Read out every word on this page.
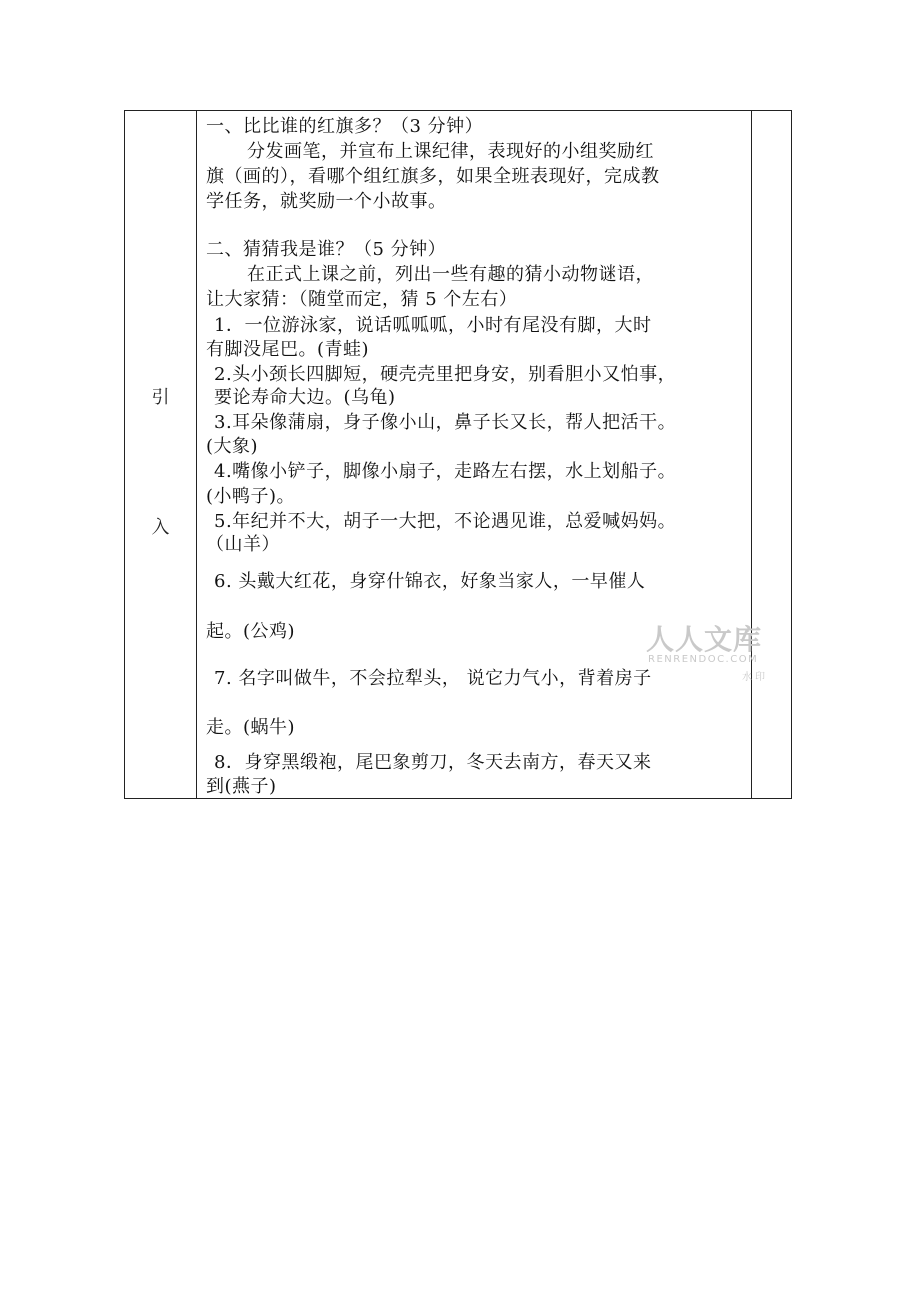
引
入
一、比比谁的红旗多？（3 分钟）
分发画笔，并宣布上课纪律，表现好的小组奖励红
旗（画的），看哪个组红旗多，如果全班表现好，完成教
学任务，就奖励一个小故事。
二、猜猜我是谁？（5 分钟）
在正式上课之前，列出一些有趣的猜小动物谜语，
让大家猜：（随堂而定，猜 5 个左右）
1．一位游泳家，说话呱呱呱，小时有尾没有脚，大时
有脚没尾巴。(青蛙)
2.头小颈长四脚短，硬壳壳里把身安，别看胆小又怕事，
要论寿命大边。(乌龟)
3.耳朵像蒲扇，身子像小山，鼻子长又长，帮人把活干。
(大象)
4.嘴像小铲子，脚像小扇子，走路左右摆，水上划船子。
(小鸭子)。
5.年纪并不大，胡子一大把，不论遇见谁，总爱喊妈妈。
（山羊）
6. 头戴大红花，身穿什锦衣，好象当家人，一早催人
起。(公鸡)
7. 名字叫做牛，不会拉犁头， 说它力气小，背着房子
走。(蜗牛)
8．身穿黑缎袍，尾巴象剪刀，冬天去南方，春天又来
到(燕子)
人人文库
RENRENDOC.COM
水印
